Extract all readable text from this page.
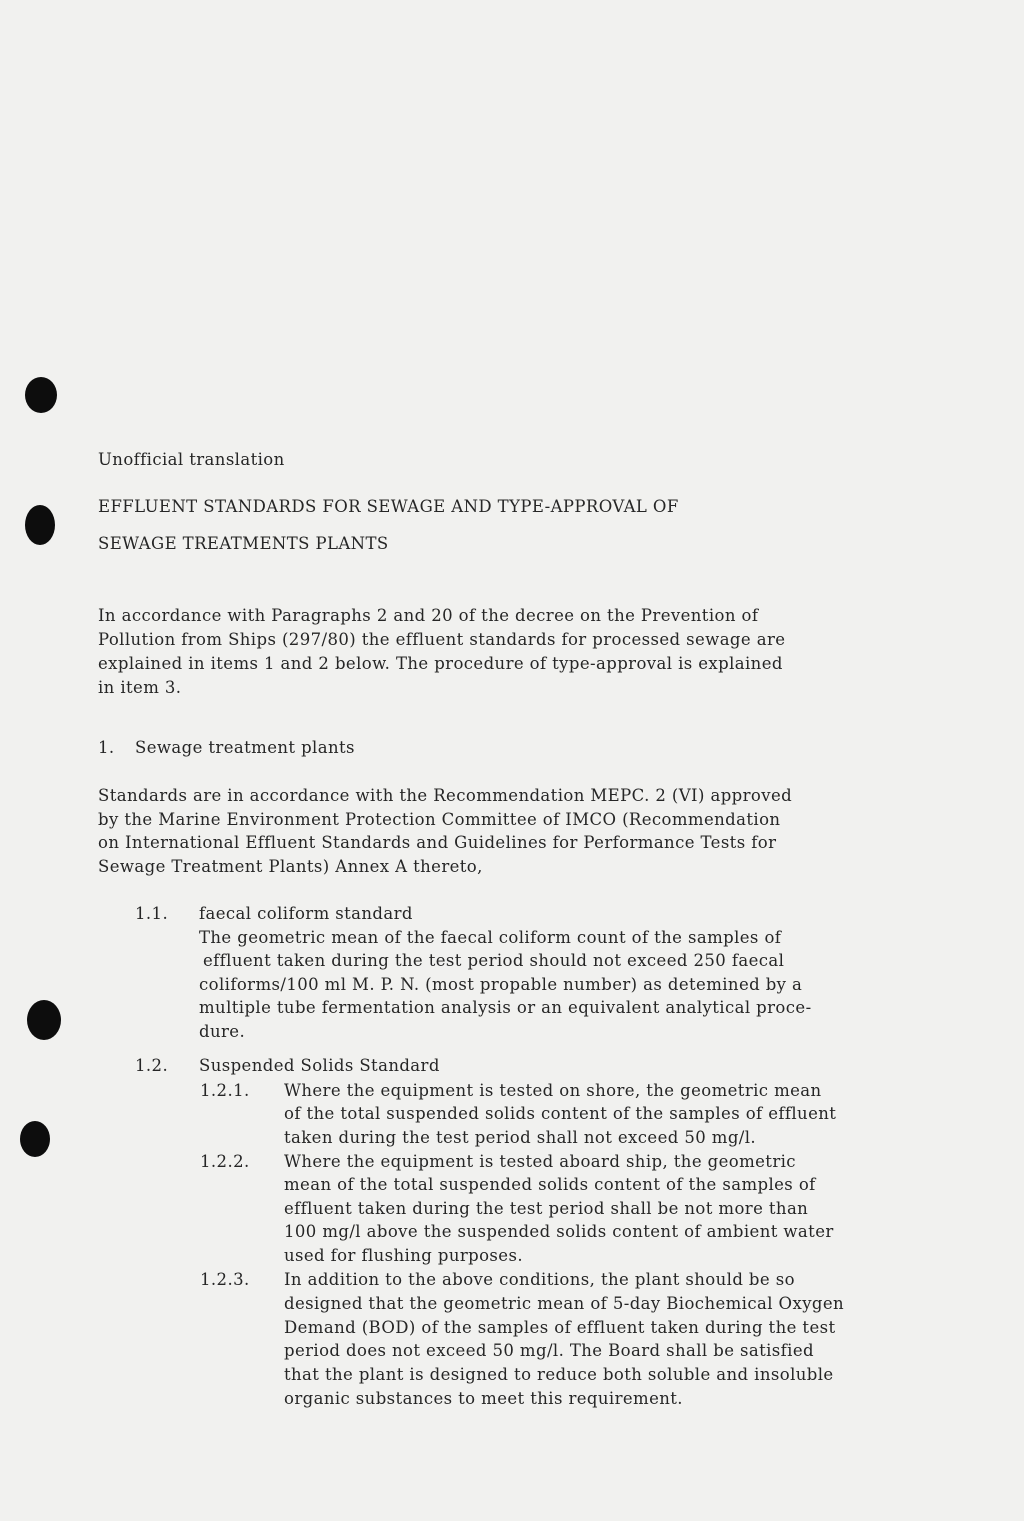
Unofficial translation
EFFLUENT STANDARDS FOR SEWAGE AND TYPE-APPROVAL OF
SEWAGE TREATMENTS PLANTS
In accordance with Paragraphs 2 and 20 of the decree on the Prevention of
Pollution from Ships (297/80) the effluent standards for processed sewage are
explained in items 1 and 2 below. The procedure of type-approval is explained
in item 3.
1. Sewage treatment plants
Standards are in accordance with the Recommendation MEPC. 2 (VI) approved
by the Marine Environment Protection Committee of IMCO (Recommendation
on International Effluent Standards and Guidelines for Performance Tests for
Sewage Treatment Plants) Annex A thereto,
1.1. faecal coliform standard
The geometric mean of the faecal coliform count of the samples of
effluent taken during the test period should not exceed 250 faecal
coliforms/100 ml M. P. N. (most propable number) as detemined by a
multiple tube fermentation analysis or an equivalent analytical proce-
dure.
1.2. Suspended Solids Standard
1.2.1. Where the equipment is tested on shore, the geometric mean
of the total suspended solids content of the samples of effluent
taken during the test period shall not exceed 50 mg/l.
1.2.2. Where the equipment is tested aboard ship, the geometric
mean of the total suspended solids content of the samples of
effluent taken during the test period shall be not more than
100 mg/l above the suspended solids content of ambient water
used for flushing purposes.
1.2.3. In addition to the above conditions, the plant should be so
designed that the geometric mean of 5-day Biochemical Oxygen
Demand (BOD) of the samples of effluent taken during the test
period does not exceed 50 mg/l. The Board shall be satisfied
that the plant is designed to reduce both soluble and insoluble
organic substances to meet this requirement.
